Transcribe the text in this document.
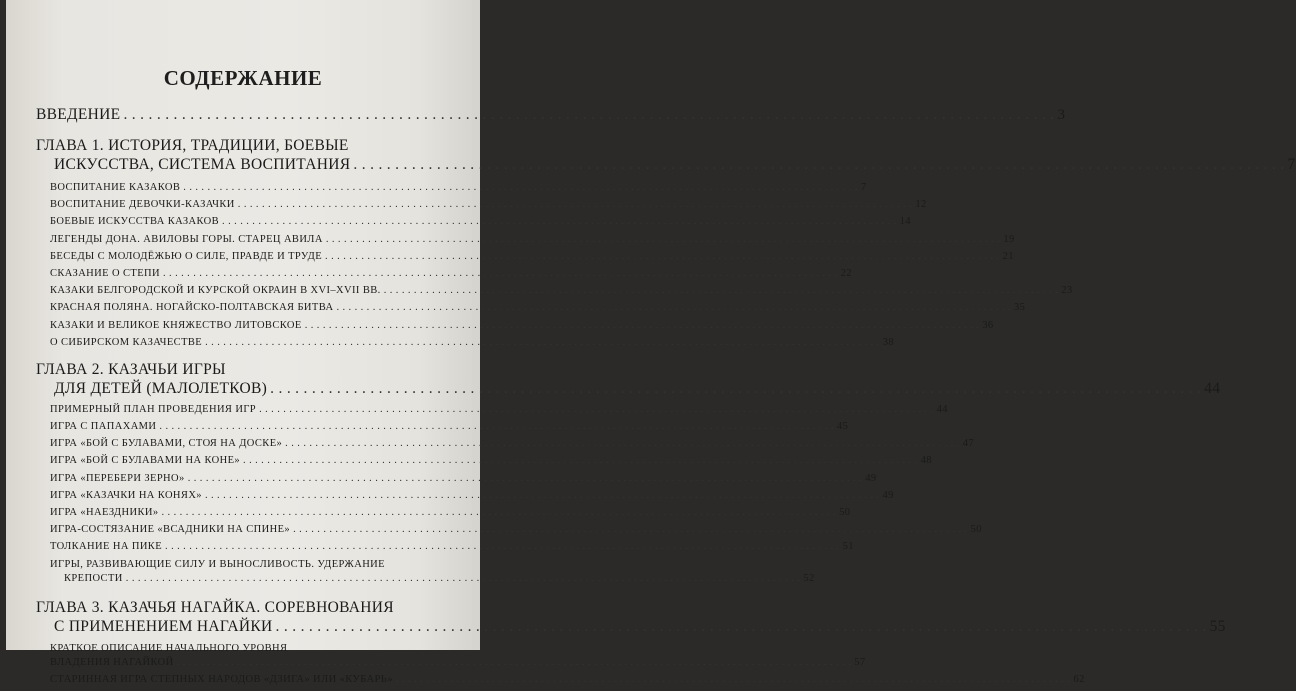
СОДЕРЖАНИЕ
ВВЕДЕНИЕ . . .	3
ГЛАВА 1. ИСТОРИЯ, ТРАДИЦИИ, БОЕВЫЕ
ИСКУССТВА, СИСТЕМА ВОСПИТАНИЯ . . .	7
ВОСПИТАНИЕ КАЗАКОВ . . .	7
ВОСПИТАНИЕ ДЕВОЧКИ-КАЗАЧКИ . . .	12
БОЕВЫЕ ИСКУССТВА КАЗАКОВ . . .	14
ЛЕГЕНДЫ ДОНА. АВИЛОВЫ ГОРЫ. СТАРЕЦ АВИЛА . . .	19
БЕСЕДЫ С МОЛОДЁЖЬЮ О СИЛЕ, ПРАВДЕ И ТРУДЕ . . .	21
СКАЗАНИЕ О СТЕПИ . . .	22
КАЗАКИ БЕЛГОРОДСКОЙ И КУРСКОЙ ОКРАИН В XVI–XVII ВВ. . . .	23
КРАСНАЯ ПОЛЯНА. НОГАЙСКО-ПОЛТАВСКАЯ БИТВА . . .	35
КАЗАКИ И ВЕЛИКОЕ КНЯЖЕСТВО ЛИТОВСКОЕ . . .	36
О СИБИРСКОМ КАЗАЧЕСТВЕ . . .	38
ГЛАВА 2. КАЗАЧЬИ ИГРЫ
ДЛЯ ДЕТЕЙ (МАЛОЛЕТКОВ) . . .	44
ПРИМЕРНЫЙ ПЛАН ПРОВЕДЕНИЯ ИГР . . .	44
ИГРА С ПАПАХАМИ . . .	45
ИГРА «БОЙ С БУЛАВАМИ, СТОЯ НА ДОСКЕ» . . .	47
ИГРА «БОЙ С БУЛАВАМИ НА КОНЕ» . . .	48
ИГРА «ПЕРЕБЕРИ ЗЕРНО» . . .	49
ИГРА «КАЗАЧКИ НА КОНЯХ» . . .	49
ИГРА «НАЕЗДНИКИ» . . .	50
ИГРА-СОСТЯЗАНИЕ «ВСАДНИКИ НА СПИНЕ» . . .	50
ТОЛКАНИЕ НА ПИКЕ . . .	51
ИГРЫ, РАЗВИВАЮЩИЕ СИЛУ И ВЫНОСЛИВОСТЬ. УДЕРЖАНИЕ
КРЕПОСТИ . . .	52
ГЛАВА 3. КАЗАЧЬЯ НАГАЙКА. СОРЕВНОВАНИЯ
С ПРИМЕНЕНИЕМ НАГАЙКИ . . .	55
КРАТКОЕ ОПИСАНИЕ НАЧАЛЬНОГО УРОВНЯ
ВЛАДЕНИЯ НАГАЙКОЙ . . .	57
СТАРИННАЯ ИГРА СТЕПНЫХ НАРОДОВ «ДЗИГА» ИЛИ «КУБАРЬ» . . .	62
